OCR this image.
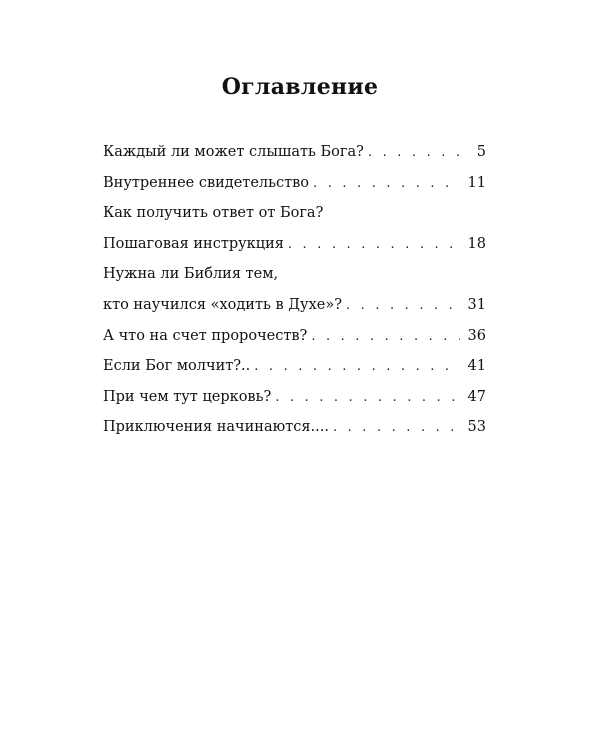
Оглавление
Каждый ли может слышать Бога? . . .	5
Внутреннее свидетельство . . .	11
Как получить ответ от Бога?
Пошаговая инструкция . . .	18
Нужна ли Библия тем,
кто научился «ходить в Духе»? . . .	31
А что на счет пророчеств? . . .	36
Если Бог молчит?.. . . .	41
При чем тут церковь? . . .	47
Приключения начинаются.... . . .	53
